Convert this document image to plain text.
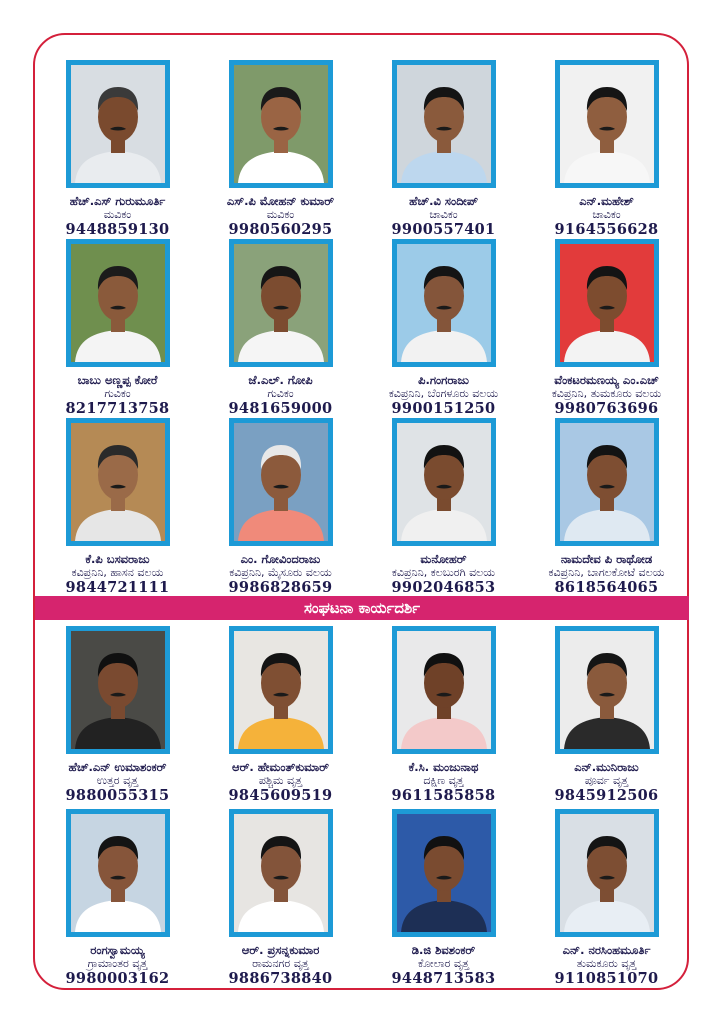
ಹೆಚ್.ಎಸ್ ಗುರುಮೂರ್ತಿ
ಮವಿಕಂ
9448859130
ಎಸ್.ಪಿ ಮೋಹನ್ ಕುಮಾರ್
ಮವಿಕಂ
9980560295
ಹೆಚ್.ವಿ ಸಂದೀಪ್
ಚಾವಿಕಂ
9900557401
ಎನ್.ಮಹೇಶ್
ಚಾವಿಕಂ
9164556628
ಬಾಬು ಅಣ್ಣಪ್ಪ ಕೋರೆ
ಗುವಿಕಂ
8217713758
ಜೆ.ಎಲ್. ಗೋಪಿ
ಗುವಿಕಂ
9481659000
ಪಿ.ಗಂಗರಾಜು
ಕವಿಪ್ರನಿನಿ, ಬೆಂಗಳೂರು ವಲಯ
9900151250
ವೆಂಕಟರಮಣಯ್ಯ ಎಂ.ಎಚ್
ಕವಿಪ್ರನಿನಿ, ತುಮಕೂರು ವಲಯ
9980763696
ಕೆ.ಪಿ ಬಸವರಾಜು
ಕವಿಪ್ರನಿನಿ, ಹಾಸನ ವಲಯ
9844721111
ಎಂ. ಗೋವಿಂದರಾಜು
ಕವಿಪ್ರನಿನಿ, ಮೈಸೂರು ವಲಯ
9986828659
ಮನೋಹರ್
ಕವಿಪ್ರನಿನಿ, ಕಲಬುರಗಿ ವಲಯ
9902046853
ನಾಮದೇವ ಪಿ ರಾಥೋಡ
ಕವಿಪ್ರನಿನಿ, ಬಾಗಲಕೋಟೆ ವಲಯ
8618564065
ಸಂಘಟನಾ ಕಾರ್ಯದರ್ಶಿ
ಹೆಚ್.ಎನ್ ಉಮಾಶಂಕರ್
ಉತ್ತರ ವೃತ್ತ
9880055315
ಆರ್. ಹೇಮಂತ್‌ಕುಮಾರ್
ಪಶ್ಚಿಮ ವೃತ್ತ
9845609519
ಕೆ.ಸಿ. ಮಂಜುನಾಥ
ದಕ್ಷಿಣ ವೃತ್ತ
9611585858
ಎನ್.ಮುನಿರಾಜು
ಪೂರ್ವ ವೃತ್ತ
9845912506
ರಂಗಸ್ವಾಮಯ್ಯ
ಗ್ರಾಮಾಂತರ ವೃತ್ತ
9980003162
ಆರ್. ಪ್ರಸನ್ನಕುಮಾರ
ರಾಮನಗರ ವೃತ್ತ
9886738840
ಡಿ.ಜಿ ಶಿವಶಂಕರ್
ಕೋಲಾರ ವೃತ್ತ
9448713583
ಎನ್. ನರಸಿಂಹಮೂರ್ತಿ
ತುಮಕೂರು ವೃತ್ತ
9110851070
